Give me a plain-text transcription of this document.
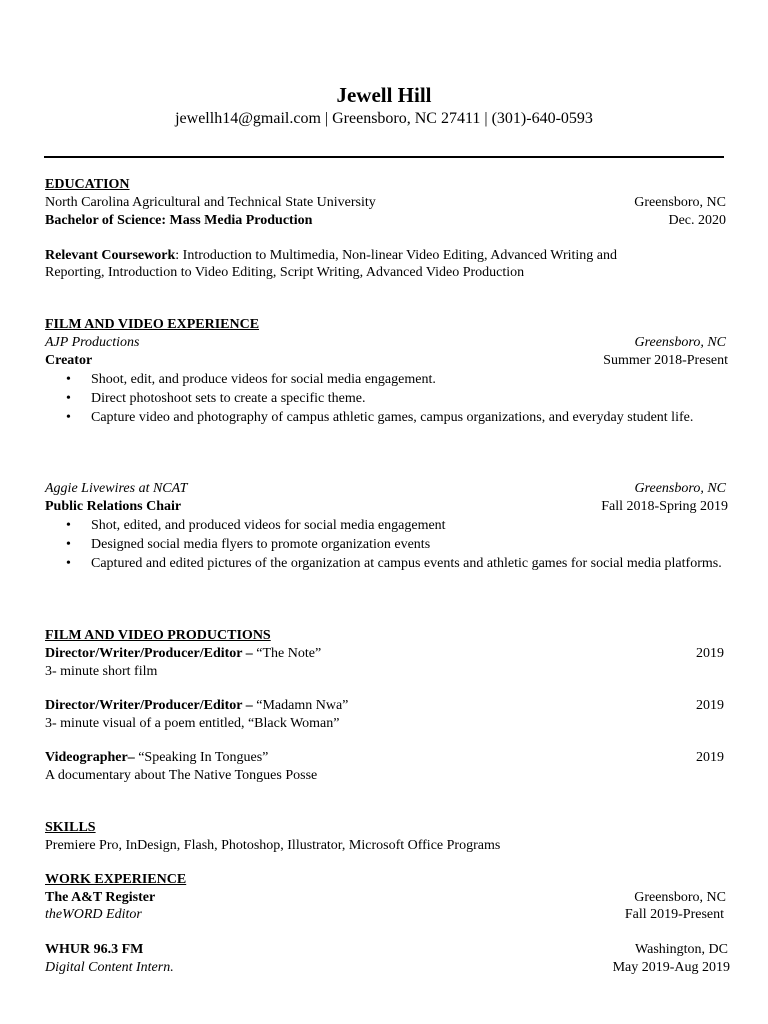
Jewell Hill
jewellh14@gmail.com | Greensboro, NC 27411 | (301)-640-0593
EDUCATION
North Carolina Agricultural and Technical State University	Greensboro, NC
Bachelor of Science: Mass Media Production	Dec. 2020
Relevant Coursework: Introduction to Multimedia, Non-linear Video Editing, Advanced Writing and
Reporting, Introduction to Video Editing, Script Writing, Advanced Video Production
FILM AND VIDEO EXPERIENCE
AJP Productions	Greensboro, NC
Creator	Summer 2018-Present
• Shoot, edit, and produce videos for social media engagement.
• Direct photoshoot sets to create a specific theme.
• Capture video and photography of campus athletic games, campus organizations, and everyday student life.
Aggie Livewires at NCAT	Greensboro, NC
Public Relations Chair	Fall 2018-Spring 2019
• Shot, edited, and produced videos for social media engagement
• Designed social media flyers to promote organization events
• Captured and edited pictures of the organization at campus events and athletic games for social media platforms.
FILM AND VIDEO PRODUCTIONS
Director/Writer/Producer/Editor – “The Note”	2019
3- minute short film
Director/Writer/Producer/Editor – “Madamn Nwa”	2019
3- minute visual of a poem entitled, “Black Woman”
Videographer– “Speaking In Tongues”	2019
A documentary about The Native Tongues Posse
SKILLS
Premiere Pro, InDesign, Flash, Photoshop, Illustrator, Microsoft Office Programs
WORK EXPERIENCE
The A&T Register	Greensboro, NC
theWORD Editor	Fall 2019-Present
WHUR 96.3 FM	Washington, DC
Digital Content Intern.	May 2019-Aug 2019
